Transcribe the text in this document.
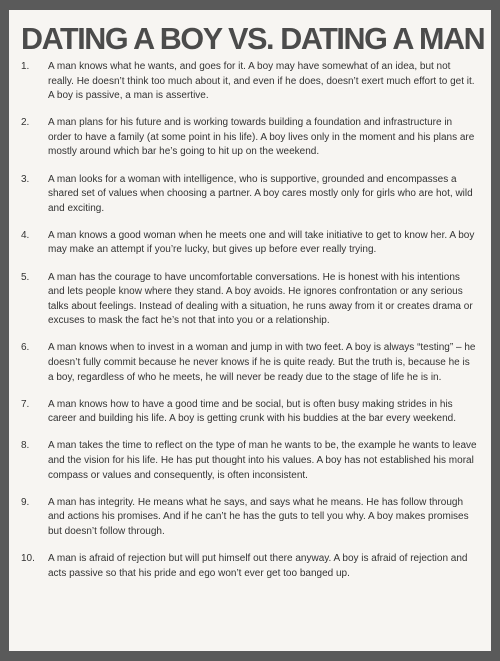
DATING A BOY VS. DATING A MAN
1.	A man knows what he wants, and goes for it. A boy may have somewhat of an idea, but not really. He doesn’t think too much about it, and even if he does, doesn’t exert much effort to get it. A boy is passive, a man is assertive.
2.	A man plans for his future and is working towards building a foundation and infrastructure in order to have a family (at some point in his life). A boy lives only in the moment and his plans are mostly around which bar he’s going to hit up on the weekend.
3.	A man looks for a woman with intelligence, who is supportive, grounded and encompasses a shared set of values when choosing a partner. A boy cares mostly only for girls who are hot, wild and exciting.
4.	A man knows a good woman when he meets one and will take initiative to get to know her. A boy may make an attempt if you’re lucky, but gives up before ever really trying.
5.	A man has the courage to have uncomfortable conversations. He is honest with his intentions and lets people know where they stand. A boy avoids. He ignores confrontation or any serious talks about feelings. Instead of dealing with a situation, he runs away from it or creates drama or excuses to mask the fact he’s not that into you or a relationship.
6.	A man knows when to invest in a woman and jump in with two feet. A boy is always “testing” – he doesn’t fully commit because he never knows if he is quite ready. But the truth is, because he is a boy, regardless of who he meets, he will never be ready due to the stage of life he is in.
7.	A man knows how to have a good time and be social, but is often busy making strides in his career and building his life. A boy is getting crunk with his buddies at the bar every weekend.
8.	A man takes the time to reflect on the type of man he wants to be, the example he wants to leave and the vision for his life. He has put thought into his values. A boy has not established his moral compass or values and consequently, is often inconsistent.
9.	A man has integrity. He means what he says, and says what he means. He has follow through and actions his promises. And if he can’t he has the guts to tell you why. A boy makes promises but doesn’t follow through.
10.	A man is afraid of rejection but will put himself out there anyway. A boy is afraid of rejection and acts passive so that his pride and ego won’t ever get too banged up.
